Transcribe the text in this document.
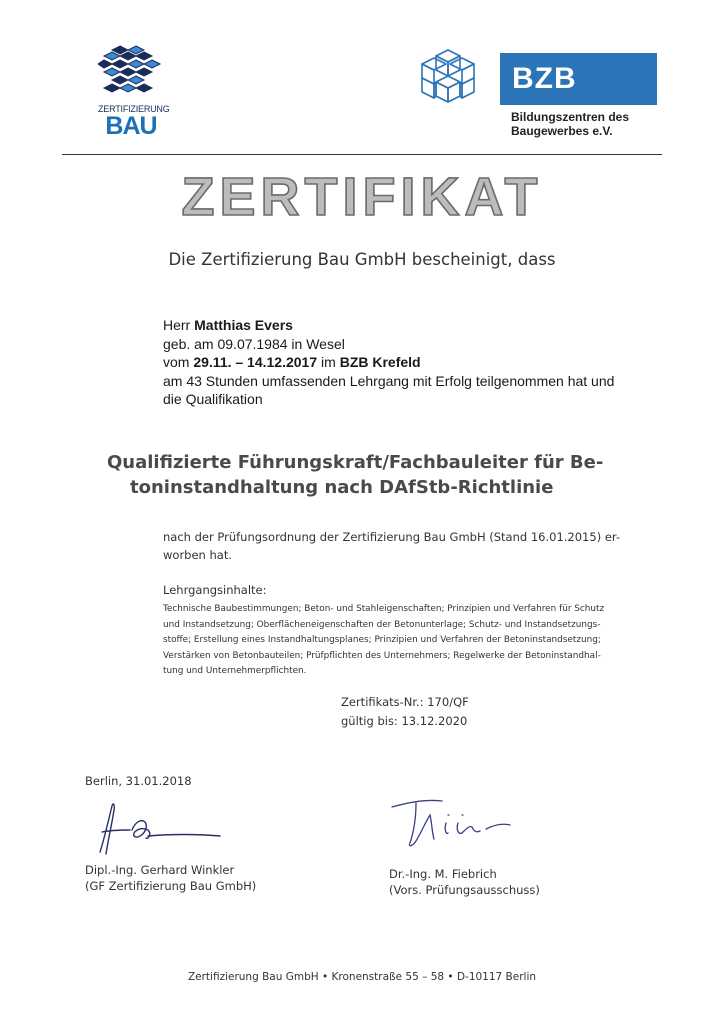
ZERTIFIZIERUNG
BAU
BZB
Bildungszentren des
Baugewerbes e.V.
ZERTIFIKAT
Die Zertifizierung Bau GmbH bescheinigt, dass
Herr Matthias Evers
geb. am 09.07.1984 in Wesel
vom 29.11. – 14.12.2017 im BZB Krefeld
am 43 Stunden umfassenden Lehrgang mit Erfolg teilgenommen hat und
die Qualifikation
Qualifizierte Führungskraft/Fachbauleiter für Be-
toninstandhaltung nach DAfStb-Richtlinie
nach der Prüfungsordnung der Zertifizierung Bau GmbH (Stand 16.01.2015) er-
worben hat.
Lehrgangsinhalte:
Technische Baubestimmungen; Beton- und Stahleigenschaften; Prinzipien und Verfahren für Schutz
und Instandsetzung; Oberflächeneigenschaften der Betonunterlage; Schutz- und Instandsetzungs-
stoffe; Erstellung eines Instandhaltungsplanes; Prinzipien und Verfahren der Betoninstandsetzung;
Verstärken von Betonbauteilen; Prüfpflichten des Unternehmers; Regelwerke der Betoninstandhal-
tung und Unternehmerpflichten.
Zertifikats-Nr.: 170/QF
gültig bis: 13.12.2020
Berlin, 31.01.2018
Dipl.-Ing. Gerhard Winkler
(GF Zertifizierung Bau GmbH)
Dr.-Ing. M. Fiebrich
(Vors. Prüfungsausschuss)
Zertifizierung Bau GmbH • Kronenstraße 55 – 58 • D-10117 Berlin
